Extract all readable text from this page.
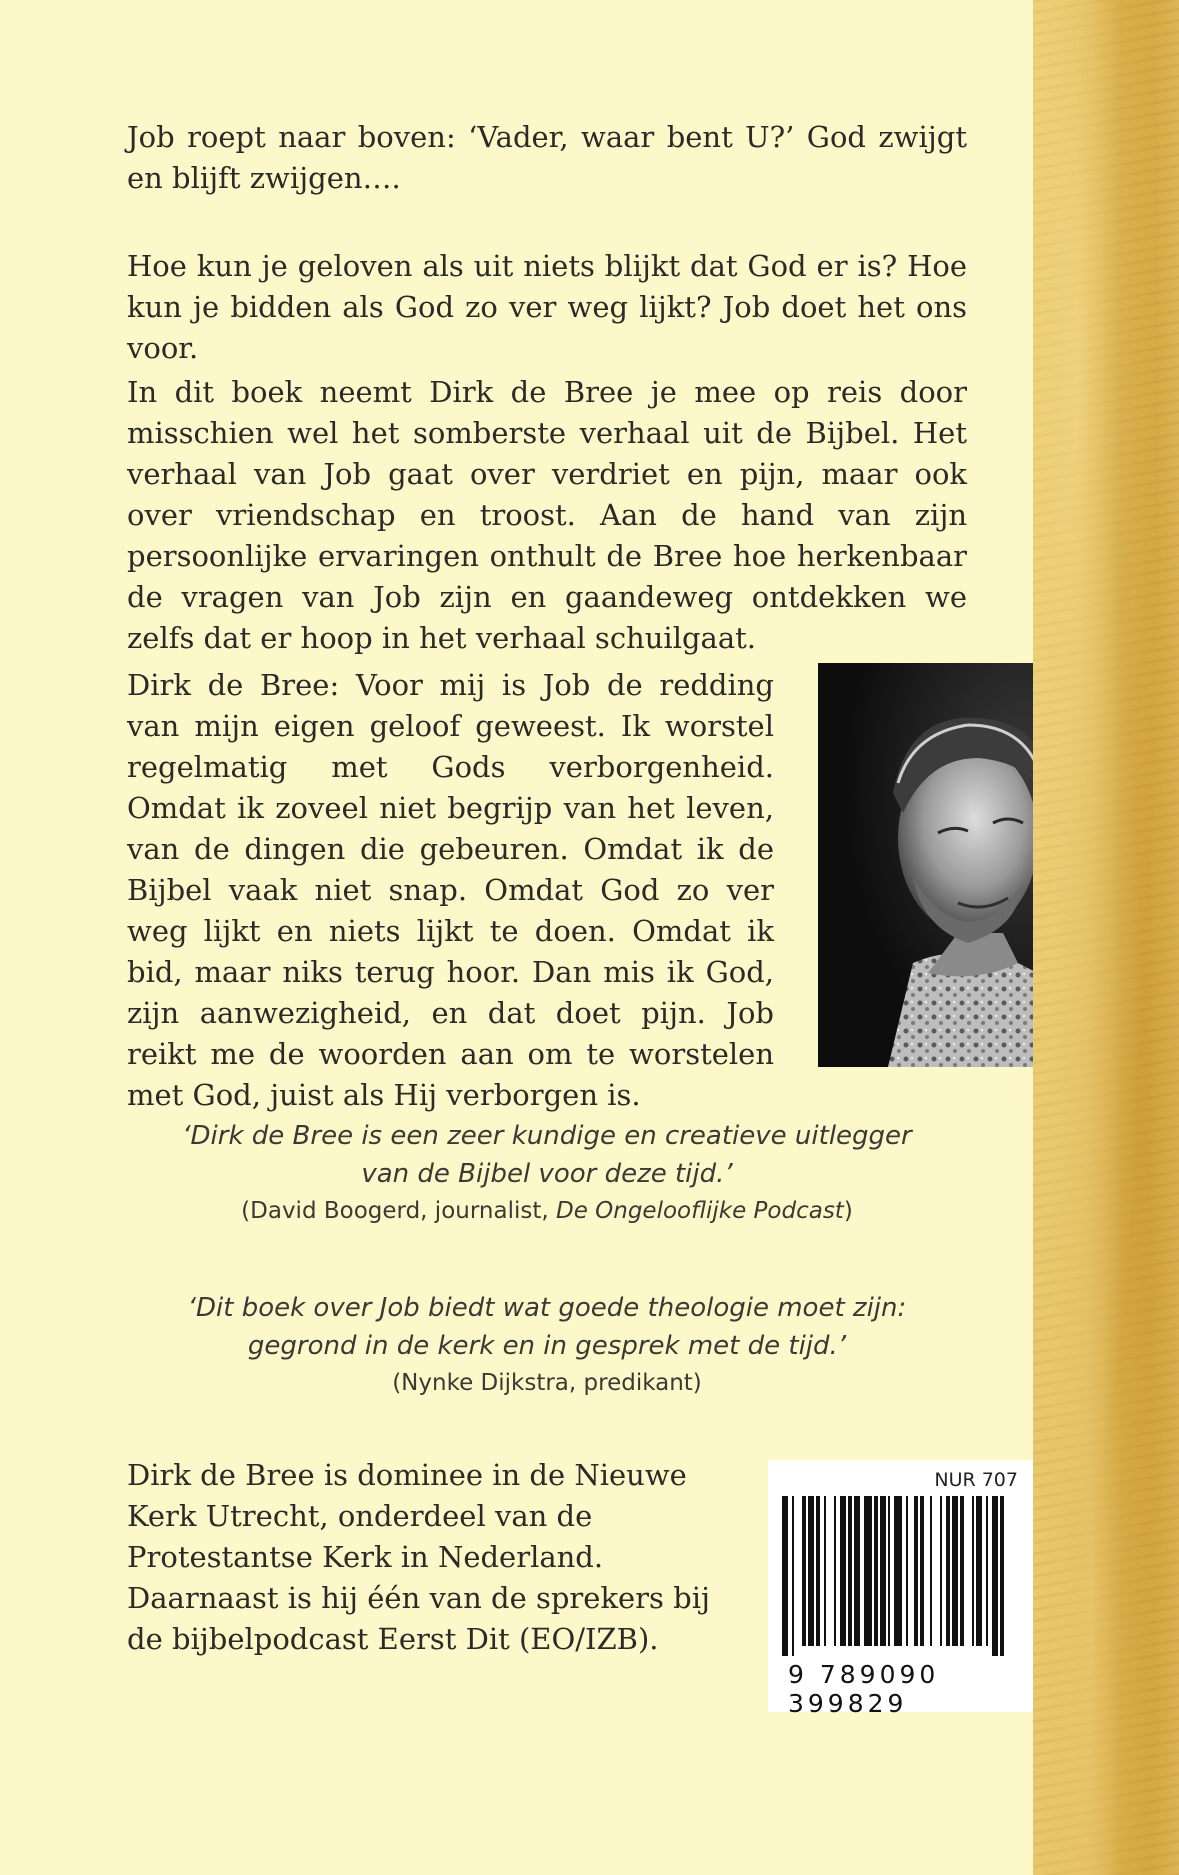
Job roept naar boven: ‘Vader, waar bent U?’ God zwijgt en blijft zwijgen….

Hoe kun je geloven als uit niets blijkt dat God er is? Hoe kun je bidden als God zo ver weg lijkt? Job doet het ons voor.

In dit boek neemt Dirk de Bree je mee op reis door misschien wel het somberste verhaal uit de Bijbel. Het verhaal van Job gaat over verdriet en pijn, maar ook over vriendschap en troost. Aan de hand van zijn persoonlijke ervaringen onthult de Bree hoe herkenbaar de vragen van Job zijn en gaandeweg ontdekken we zelfs dat er hoop in het verhaal schuilgaat.

Dirk de Bree: Voor mij is Job de redding van mijn eigen geloof geweest. Ik worstel regelmatig met Gods verborgenheid. Omdat ik zoveel niet begrijp van het leven, van de dingen die gebeuren. Omdat ik de Bijbel vaak niet snap. Omdat God zo ver weg lijkt en niets lijkt te doen. Omdat ik bid, maar niks terug hoor. Dan mis ik God, zijn aanwezigheid, en dat doet pijn. Job reikt me de woorden aan om te worstelen met God, juist als Hij verborgen is.

‘Dirk de Bree is een zeer kundige en creatieve uitlegger
van de Bijbel voor deze tijd.’
(David Boogerd, journalist, De Ongelooflijke Podcast)
‘Dit boek over Job biedt wat goede theologie moet zijn:
gegrond in de kerk en in gesprek met de tijd.’
(Nynke Dijkstra, predikant)

Dirk de Bree is dominee in de Nieuwe Kerk Utrecht, onderdeel van de Protestantse Kerk in Nederland. Daarnaast is hij één van de sprekers bij de bijbelpodcast Eerst Dit (EO/IZB).

NUR 707
9 789090 399829
